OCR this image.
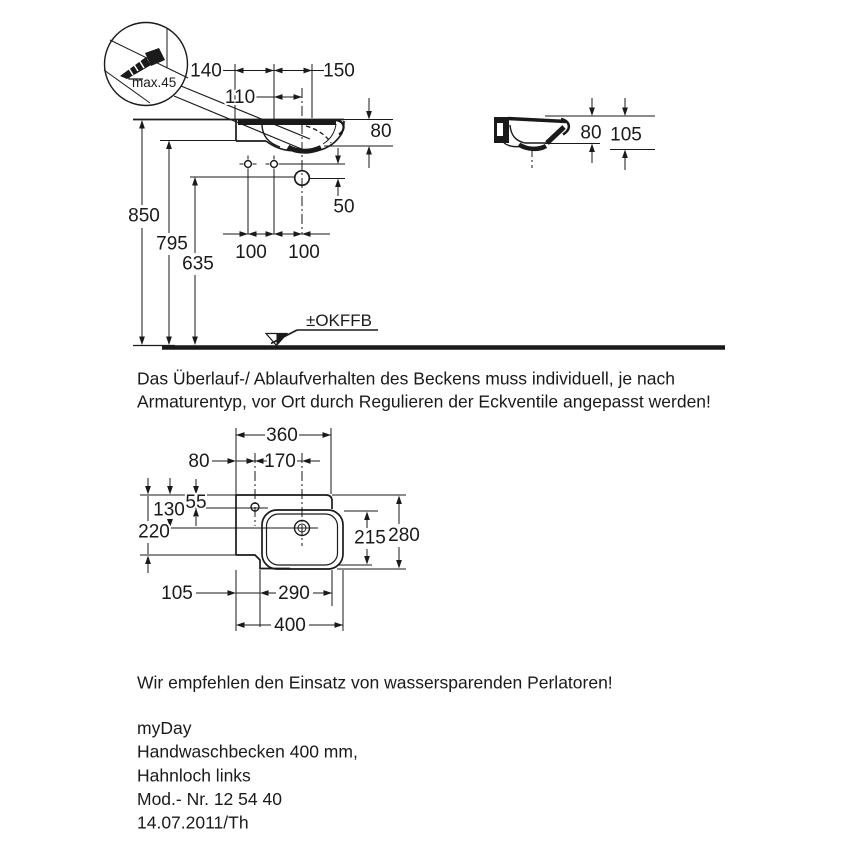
max.45
140	150
110
50
100 100
80
850
795
635
80 105
±OKFFB
Das Überlauf-/ Ablaufverhalten des Beckens muss individuell, je nach
Armaturentyp, vor Ort durch Regulieren der Eckventile angepasst werden!
360
80	170
55
130
220	215 280
105	290
400
Wir empfehlen den Einsatz von wassersparenden Perlatoren!
myDay
Handwaschbecken 400 mm,
Hahnloch links
Mod.- Nr. 12 54 40
14.07.2011/Th
